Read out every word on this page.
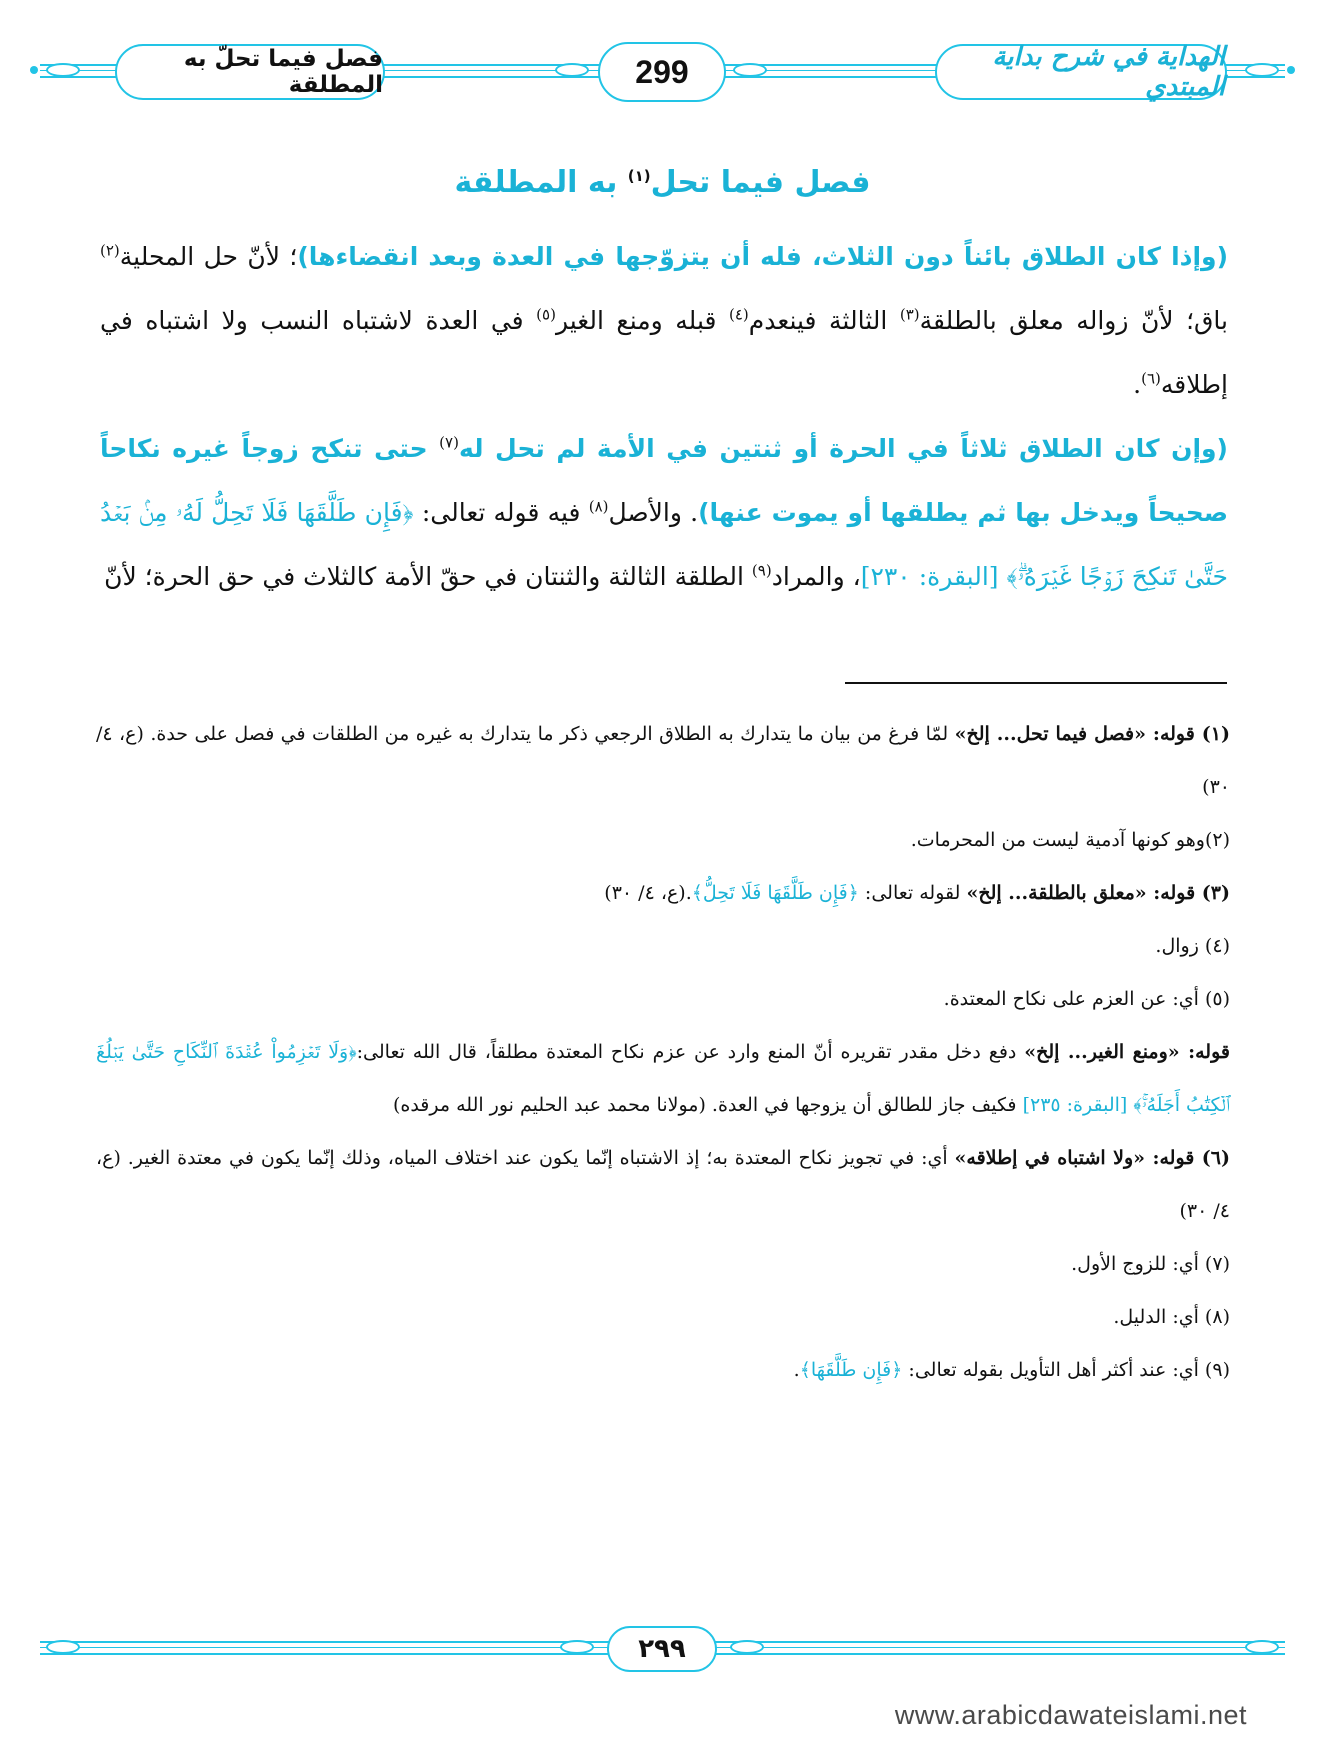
فصل فيما تحلّ به المطلقة	299	الهداية في شرح بداية المبتدي
فصل فيما تحل$^{(١)}$ به المطلقة

(وإذا كان الطلاق بائناً دون الثلاث، فله أن يتزوّجها في العدة وبعد انقضاءها)؛ لأنّ حل المحلية$^{(٢)}$ باق؛ لأنّ زواله معلق بالطلقة$^{(٣)}$ الثالثة فينعدم$^{(٤)}$ قبله ومنع الغير$^{(٥)}$ في العدة لاشتباه النسب ولا اشتباه في إطلاقه$^{(٦)}$.

(وإن كان الطلاق ثلاثاً في الحرة أو ثنتين في الأمة لم تحل له$^{(٧)}$ حتى تنكح زوجاً غيره نكاحاً صحيحاً ويدخل بها ثم يطلقها أو يموت عنها). والأصل$^{(٨)}$ فيه قوله تعالى: ﴿فَإِن طَلَّقَهَا فَلَا تَحِلُّ لَهُۥ مِنۢ بَعۡدُ حَتَّىٰ تَنكِحَ زَوۡجًا غَيۡرَهُۥۗ﴾ [البقرة: ٢٣٠]، والمراد$^{(٩)}$ الطلقة الثالثة والثنتان في حقّ الأمة كالثلاث في حق الحرة؛ لأنّ

(١) قوله: «فصل فيما تحل... إلخ» لمّا فرغ من بيان ما يتدارك به الطلاق الرجعي ذكر ما يتدارك به غيره من الطلقات في فصل على حدة. (ع، ٤/ ٣٠)

(٢)وهو كونها آدمية ليست من المحرمات.

(٣) قوله: «معلق بالطلقة... إلخ» لقوله تعالى: ﴿فَإِن طَلَّقَهَا فَلَا تَحِلُّ﴾.(ع، ٤/ ٣٠)

(٤) زوال.

(٥) أي: عن العزم على نكاح المعتدة.

قوله: «ومنع الغير... إلخ» دفع دخل مقدر تقريره أنّ المنع وارد عن عزم نكاح المعتدة مطلقاً، قال الله تعالى:﴿وَلَا تَعۡزِمُواْ عُقۡدَةَ ٱلنِّكَاحِ حَتَّىٰ يَبۡلُغَ ٱلۡكِتَٰبُ أَجَلَهُۥۚ﴾ [البقرة: ٢٣٥] فكيف جاز للطالق أن يزوجها في العدة. (مولانا محمد عبد الحليم نور الله مرقده)

(٦) قوله: «ولا اشتباه في إطلاقه» أي: في تجويز نكاح المعتدة به؛ إذ الاشتباه إنّما يكون عند اختلاف المياه، وذلك إنّما يكون في معتدة الغير. (ع، ٤/ ٣٠)

(٧) أي: للزوج الأول.

(٨) أي: الدليل.

(٩) أي: عند أكثر أهل التأويل بقوله تعالى: ﴿فَإِن طَلَّقَهَا﴾.

٢٩٩
www.arabicdawateislami.net
